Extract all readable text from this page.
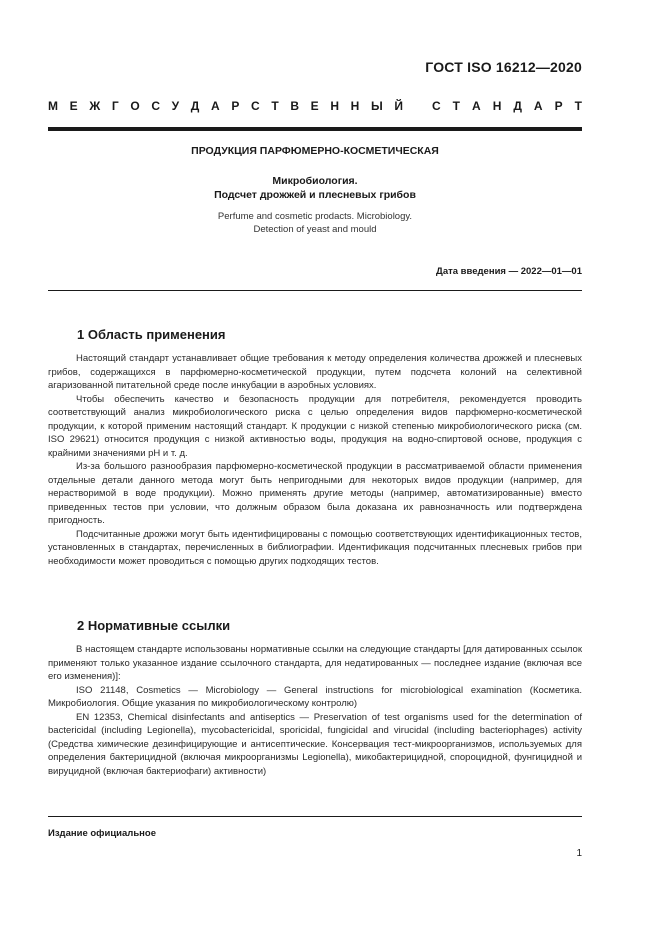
ГОСТ ISO 16212—2020
М Е Ж Г О С У Д А Р С Т В Е Н Н Ы Й С Т А Н Д А Р Т
ПРОДУКЦИЯ ПАРФЮМЕРНО-КОСМЕТИЧЕСКАЯ
Микробиология.
Подсчет дрожжей и плесневых грибов
Perfume and cosmetic prodacts. Microbiology.
Detection of yeast and mould
Дата введения — 2022—01—01
1 Область применения

Настоящий стандарт устанавливает общие требования к методу определения количества дрожжей и плесневых грибов, содержащихся в парфюмерно-косметической продукции, путем подсчета колоний на селективной агаризованной питательной среде после инкубации в аэробных условиях.

Чтобы обеспечить качество и безопасность продукции для потребителя, рекомендуется проводить соответствующий анализ микробиологического риска с целью определения видов парфюмерно-косметической продукции, к которой применим настоящий стандарт. К продукции с низкой степенью микробиологического риска (см. ISO 29621) относится продукция с низкой активностью воды, продукция на водно-спиртовой основе, продукция с крайними значениями pH и т. д.

Из-за большого разнообразия парфюмерно-косметической продукции в рассматриваемой области применения отдельные детали данного метода могут быть непригодными для некоторых видов продукции (например, для нерастворимой в воде продукции). Можно применять другие методы (например, автоматизированные) вместо приведенных тестов при условии, что должным образом была доказана их равнозначность или подтверждена пригодность.

Подсчитанные дрожжи могут быть идентифицированы с помощью соответствующих идентификационных тестов, установленных в стандартах, перечисленных в библиографии. Идентификация подсчитанных плесневых грибов при необходимости может проводиться с помощью других подходящих тестов.

2 Нормативные ссылки

В настоящем стандарте использованы нормативные ссылки на следующие стандарты [для датированных ссылок применяют только указанное издание ссылочного стандарта, для недатированных — последнее издание (включая все его изменения)]:

ISO 21148, Cosmetics — Microbiology — General instructions for microbiological examination (Косметика. Микробиология. Общие указания по микробиологическому контролю)

EN 12353, Chemical disinfectants and antiseptics — Preservation of test organisms used for the determination of bactericidal (including Legionella), mycobactericidal, sporicidal, fungicidal and virucidal (including bacteriophages) activity (Средства химические дезинфицирующие и антисептические. Консервация тест-микроорганизмов, используемых для определения бактерицидной (включая микроорганизмы Legionella), микобактерицидной, спороцидной, фунгицидной и вируцидной (включая бактериофаги) активности)

Издание официальное
1
